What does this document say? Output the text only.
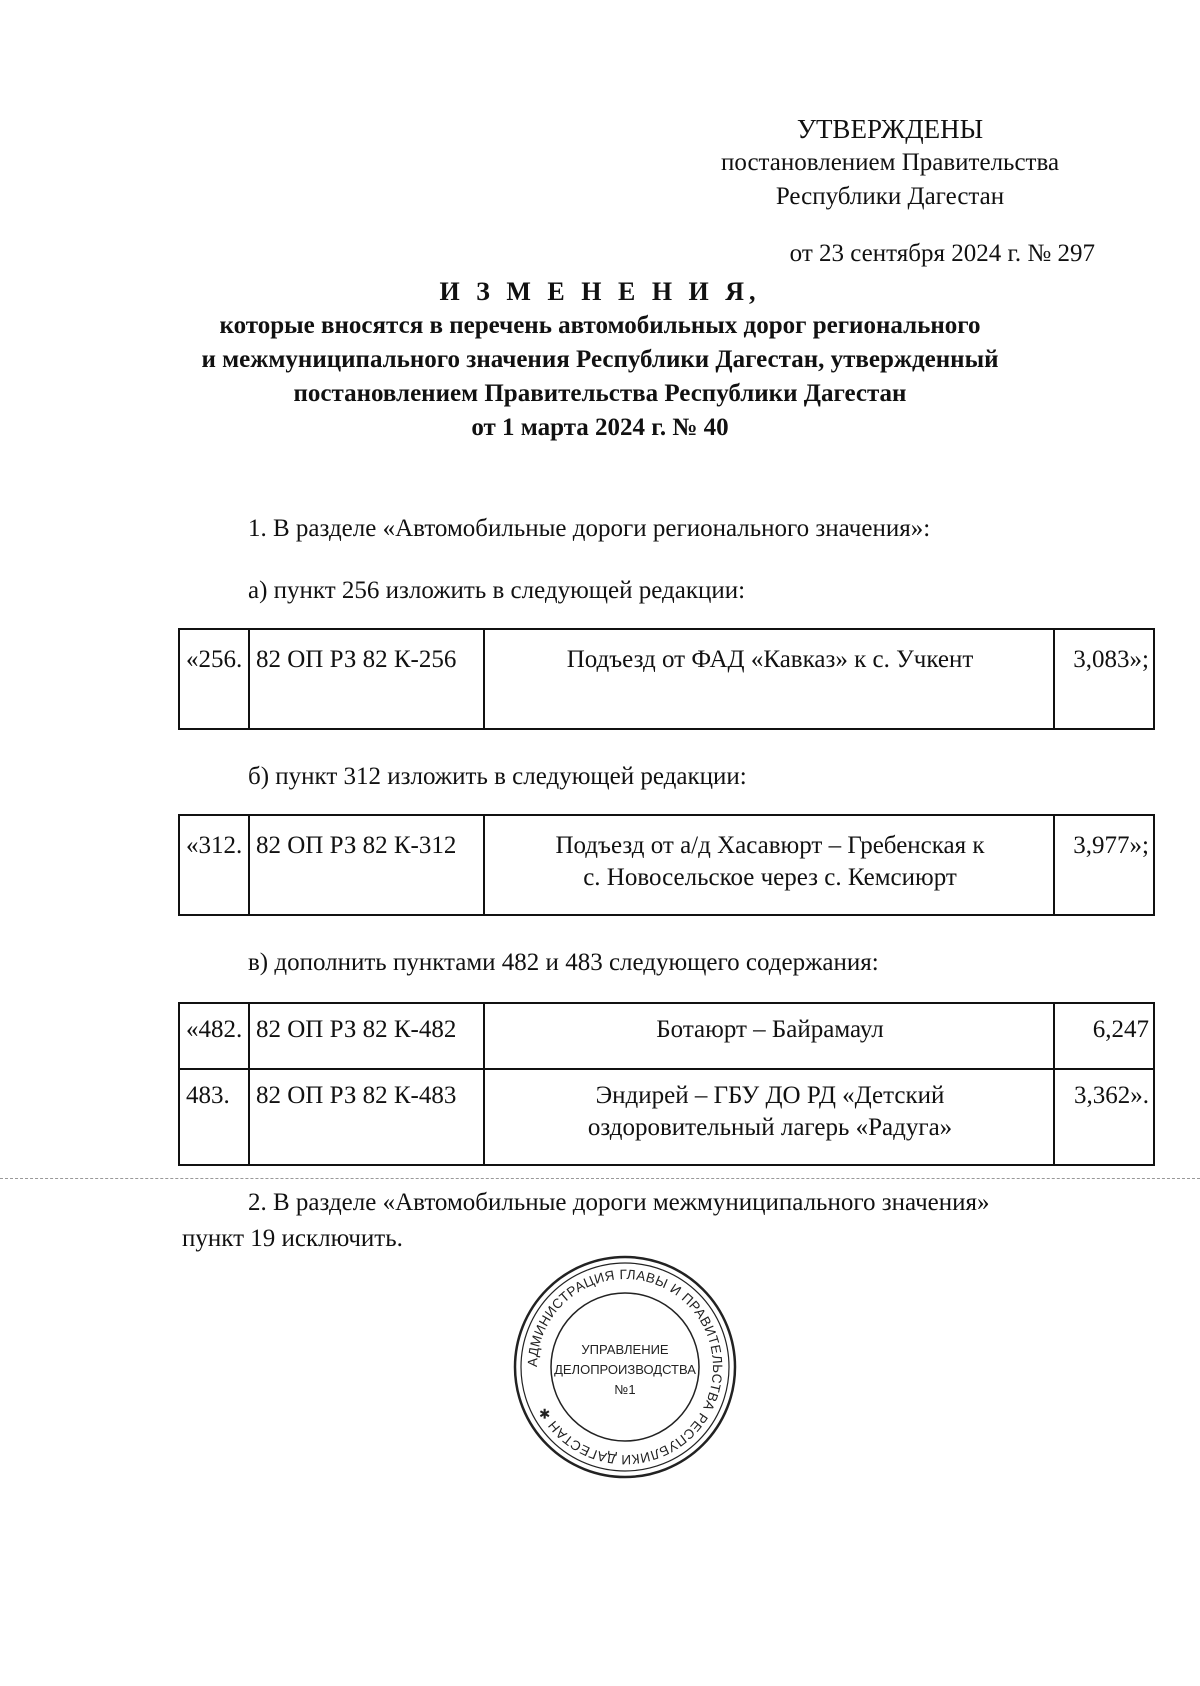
УТВЕРЖДЕНЫ
постановлением Правительства
Республики Дагестан
от 23 сентября 2024 г. № 297
И З М Е Н Е Н И Я,
которые вносятся в перечень автомобильных дорог регионального
и межмуниципального значения Республики Дагестан, утвержденный
постановлением Правительства Республики Дагестан
от 1 марта 2024 г. № 40
1. В разделе «Автомобильные дороги регионального значения»:
а) пункт 256 изложить в следующей редакции:
«256.	82 ОП РЗ 82 К-256	Подъезд от ФАД «Кавказ» к с. Учкент	3,083»;
б) пункт 312 изложить в следующей редакции:
«312.	82 ОП РЗ 82 К-312	Подъезд от а/д Хасавюрт – Гребенская к
с. Новосельское через с. Кемсиюрт
	3,977»;
в) дополнить пунктами 482 и 483 следующего содержания:
«482.	82 ОП РЗ 82 К-482	Ботаюрт – Байрамаул	6,247
483.	82 ОП РЗ 82 К-483	Эндирей – ГБУ ДО РД «Детский
оздоровительный лагерь «Радуга»	3,362».
2. В разделе «Автомобильные дороги межмуниципального значения»
пункт 19 исключить.
АДМИНИСТРАЦИЯ ГЛАВЫ И ПРАВИТЕЛЬСТВА РЕСПУБЛИКИ ДАГЕСТАН ✱
УПРАВЛЕНИЕ
ДЕЛОПРОИЗВОДСТВА
№1
